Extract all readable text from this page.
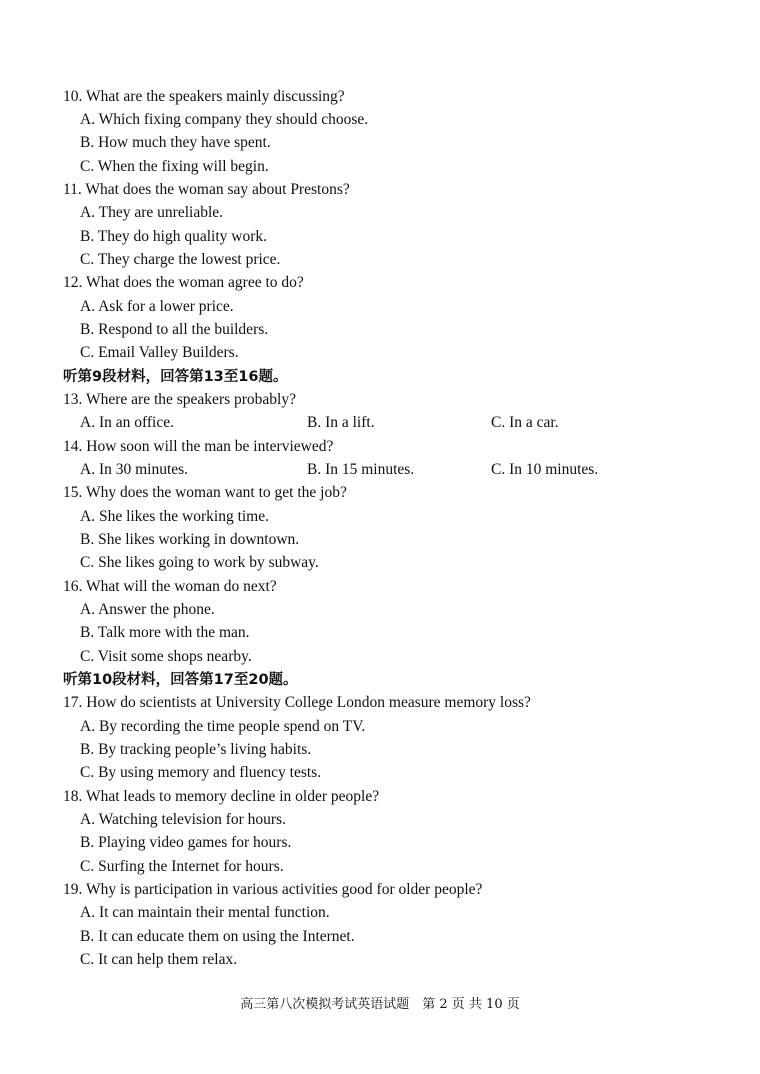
10. What are the speakers mainly discussing?
A. Which fixing company they should choose.
B. How much they have spent.
C. When the fixing will begin.
11. What does the woman say about Prestons?
A. They are unreliable.
B. They do high quality work.
C. They charge the lowest price.
12. What does the woman agree to do?
A. Ask for a lower price.
B. Respond to all the builders.
C. Email Valley Builders.
听第9段材料，回答第13至16题。
13. Where are the speakers probably?
A. In an office.	B. In a lift.	C. In a car.
14. How soon will the man be interviewed?
A. In 30 minutes.	B. In 15 minutes.	C. In 10 minutes.
15. Why does the woman want to get the job?
A. She likes the working time.
B. She likes working in downtown.
C. She likes going to work by subway.
16. What will the woman do next?
A. Answer the phone.
B. Talk more with the man.
C. Visit some shops nearby.
听第10段材料，回答第17至20题。
17. How do scientists at University College London measure memory loss?
A. By recording the time people spend on TV.
B. By tracking people’s living habits.
C. By using memory and fluency tests.
18. What leads to memory decline in older people?
A. Watching television for hours.
B. Playing video games for hours.
C. Surfing the Internet for hours.
19. Why is participation in various activities good for older people?
A. It can maintain their mental function.
B. It can educate them on using the Internet.
C. It can help them relax.
高三第八次模拟考试英语试题　第 2 页 共 10 页
